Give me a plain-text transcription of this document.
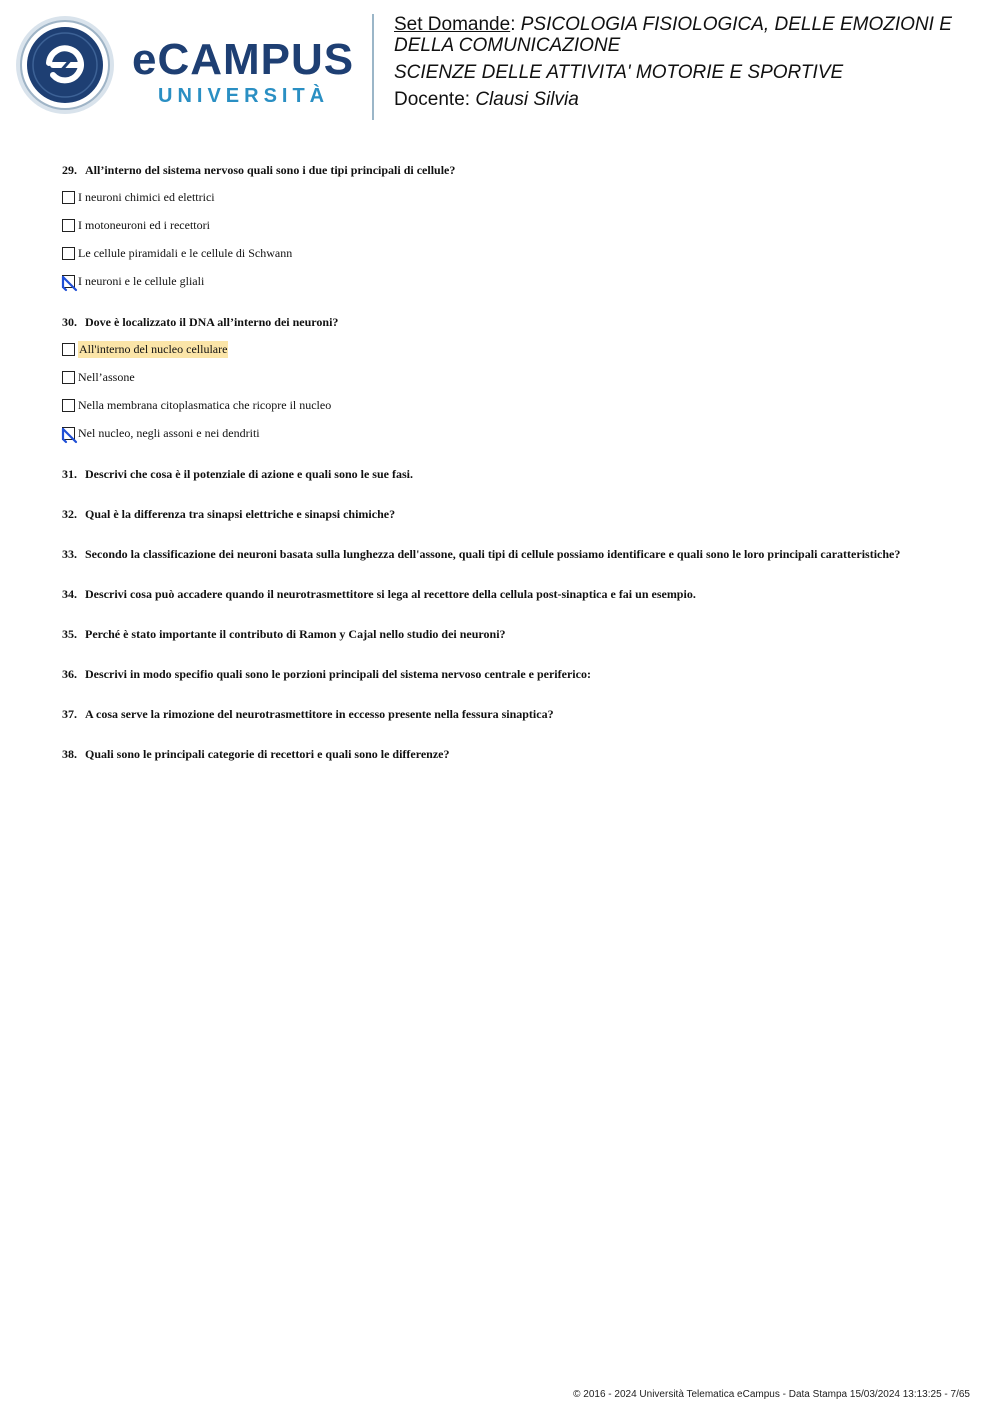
eCAMPUS
UNIVERSITÀ
Set Domande: PSICOLOGIA FISIOLOGICA, DELLE EMOZIONI E DELLA COMUNICAZIONE
SCIENZE DELLE ATTIVITA' MOTORIE E SPORTIVE
Docente: Clausi Silvia

29. All’interno del sistema nervoso quali sono i due tipi principali di cellule?

I neuroni chimici ed elettrici
I motoneuroni ed i recettori
Le cellule piramidali e le cellule di Schwann
I neuroni e le cellule gliali

30. Dove è localizzato il DNA all’interno dei neuroni?

All'interno del nucleo cellulare
Nell’assone
Nella membrana citoplasmatica che ricopre il nucleo
Nel nucleo, negli assoni e nei dendriti

31. Descrivi che cosa è il potenziale di azione e quali sono le sue fasi.

32. Qual è la differenza tra sinapsi elettriche e sinapsi chimiche?

33. Secondo la classificazione dei neuroni basata sulla lunghezza dell'assone, quali tipi di cellule possiamo identificare e quali sono le loro principali caratteristiche?

34. Descrivi cosa può accadere quando il neurotrasmettitore si lega al recettore della cellula post-sinaptica e fai un esempio.

35. Perché è stato importante il contributo di Ramon y Cajal nello studio dei neuroni?

36. Descrivi in modo specifio quali sono le porzioni principali del sistema nervoso centrale e periferico:

37. A cosa serve la rimozione del neurotrasmettitore in eccesso presente nella fessura sinaptica?

38. Quali sono le principali categorie di recettori e quali sono le differenze?

© 2016 - 2024 Università Telematica eCampus - Data Stampa 15/03/2024 13:13:25 - 7/65
